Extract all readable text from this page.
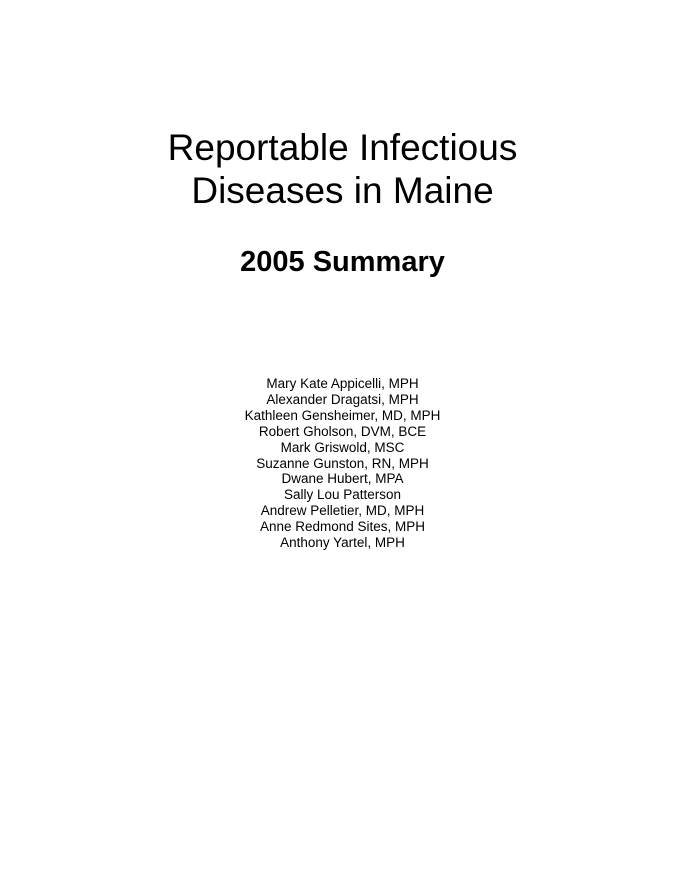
Reportable Infectious
Diseases in Maine
2005 Summary
Mary Kate Appicelli, MPH
Alexander Dragatsi, MPH
Kathleen Gensheimer, MD, MPH
Robert Gholson, DVM, BCE
Mark Griswold, MSC
Suzanne Gunston, RN, MPH
Dwane Hubert, MPA
Sally Lou Patterson
Andrew Pelletier, MD, MPH
Anne Redmond Sites, MPH
Anthony Yartel, MPH
